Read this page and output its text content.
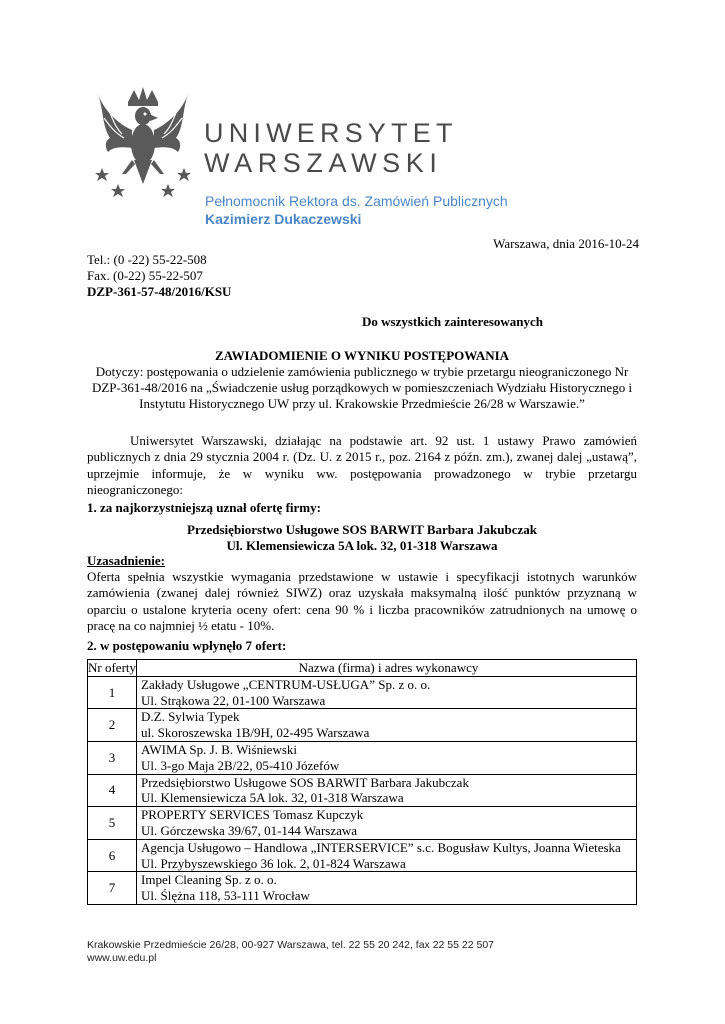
UNIWERSYTET
WARSZAWSKI
Pełnomocnik Rektora ds. Zamówień Publicznych
Kazimierz Dukaczewski
Warszawa, dnia 2016-10-24
Tel.: (0 -22) 55-22-508
Fax. (0-22) 55-22-507
DZP-361-57-48/2016/KSU
Do wszystkich zainteresowanych
ZAWIADOMIENIE O WYNIKU POSTĘPOWANIA
Dotyczy: postępowania o udzielenie zamówienia publicznego w trybie przetargu nieograniczonego Nr DZP-361-48/2016 na „Świadczenie usług porządkowych w pomieszczeniach Wydziału Historycznego i Instytutu Historycznego UW przy ul. Krakowskie Przedmieście 26/28 w Warszawie.”
Uniwersytet Warszawski, działając na podstawie art. 92 ust. 1 ustawy Prawo zamówień publicznych z dnia 29 stycznia 2004 r. (Dz. U. z 2015 r., poz. 2164 z późn. zm.), zwanej dalej „ustawą”, uprzejmie informuje, że w wyniku ww. postępowania prowadzonego w trybie przetargu nieograniczonego:
1. za najkorzystniejszą uznał ofertę firmy:
Przedsiębiorstwo Usługowe SOS BARWIT Barbara Jakubczak
Ul. Klemensiewicza 5A lok. 32, 01-318 Warszawa
Uzasadnienie:
Oferta spełnia wszystkie wymagania przedstawione w ustawie i specyfikacji istotnych warunków zamówienia (zwanej dalej również SIWZ) oraz uzyskała maksymalną ilość punktów przyznaną w oparciu o ustalone kryteria oceny ofert: cena 90 % i liczba pracowników zatrudnionych na umowę o pracę na co najmniej ½ etatu - 10%.
2. w postępowaniu wpłynęło 7 ofert:
Nr oferty	Nazwa (firma) i adres wykonawcy
1	Zakłady Usługowe „CENTRUM-USŁUGA” Sp. z o. o.
Ul. Strąkowa 22, 01-100 Warszawa

2	D.Z. Sylwia Typek
ul. Skoroszewska 1B/9H, 02-495 Warszawa

3	AWIMA Sp. J. B. Wiśniewski
Ul. 3-go Maja 2B/22, 05-410 Józefów

4	Przedsiębiorstwo Usługowe SOS BARWIT Barbara Jakubczak
Ul. Klemensiewicza 5A lok. 32, 01-318 Warszawa

5	PROPERTY SERVICES Tomasz Kupczyk
Ul. Górczewska 39/67, 01-144 Warszawa

6	Agencja Usługowo – Handlowa „INTERSERVICE” s.c. Bogusław Kultys, Joanna Wieteska
Ul. Przybyszewskiego 36 lok. 2, 01-824 Warszawa

7	Impel Cleaning Sp. z o. o.
Ul. Ślężna 118, 53-111 Wrocław
Krakowskie Przedmieście 26/28, 00-927 Warszawa, tel. 22 55 20 242, fax 22 55 22 507
www.uw.edu.pl
